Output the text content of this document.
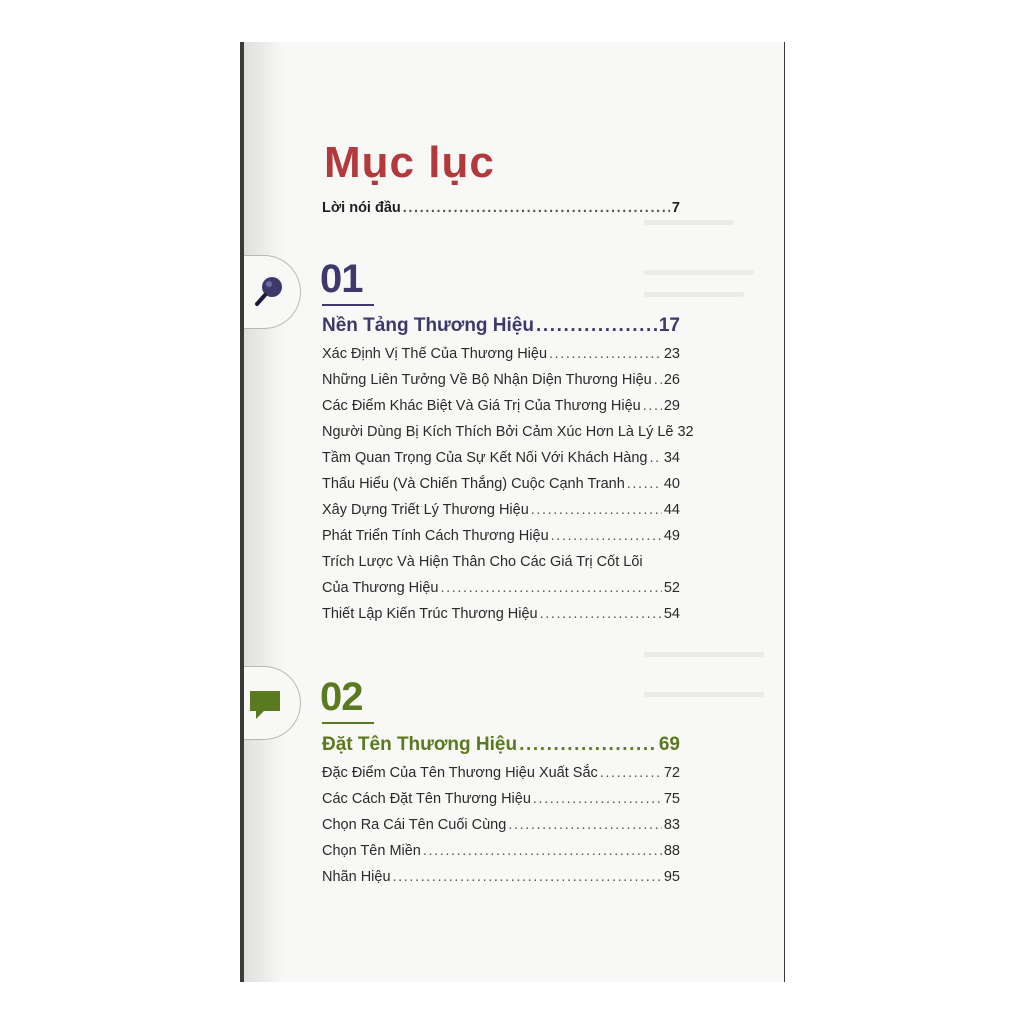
Mục lục
Lời nói đầu .....	7
01
Nền Tảng Thương Hiệu .....	17
Xác Định Vị Thế Của Thương Hiệu .....	23
Những Liên Tưởng Về Bộ Nhận Diện Thương Hiệu ..... 26
Các Điểm Khác Biệt Và Giá Trị Của Thương Hiệu ..... 29
Người Dùng Bị Kích Thích Bởi Cảm Xúc Hơn Là Lý Lẽ 32
Tầm Quan Trọng Của Sự Kết Nối Với Khách Hàng ..... 34
Thấu Hiểu (Và Chiến Thắng) Cuộc Cạnh Tranh .....	40
Xây Dựng Triết Lý Thương Hiệu .....	44
Phát Triển Tính Cách Thương Hiệu .....	49
Trích Lược Và Hiện Thân Cho Các Giá Trị Cốt Lõi
Của Thương Hiệu .....	52
Thiết Lập Kiến Trúc Thương Hiệu .....	54
02
Đặt Tên Thương Hiệu .....	69
Đặc Điểm Của Tên Thương Hiệu Xuất Sắc .....	72
Các Cách Đặt Tên Thương Hiệu .....	75
Chọn Ra Cái Tên Cuối Cùng .....	83
Chọn Tên Miền .....	88
Nhãn Hiệu .....	95
